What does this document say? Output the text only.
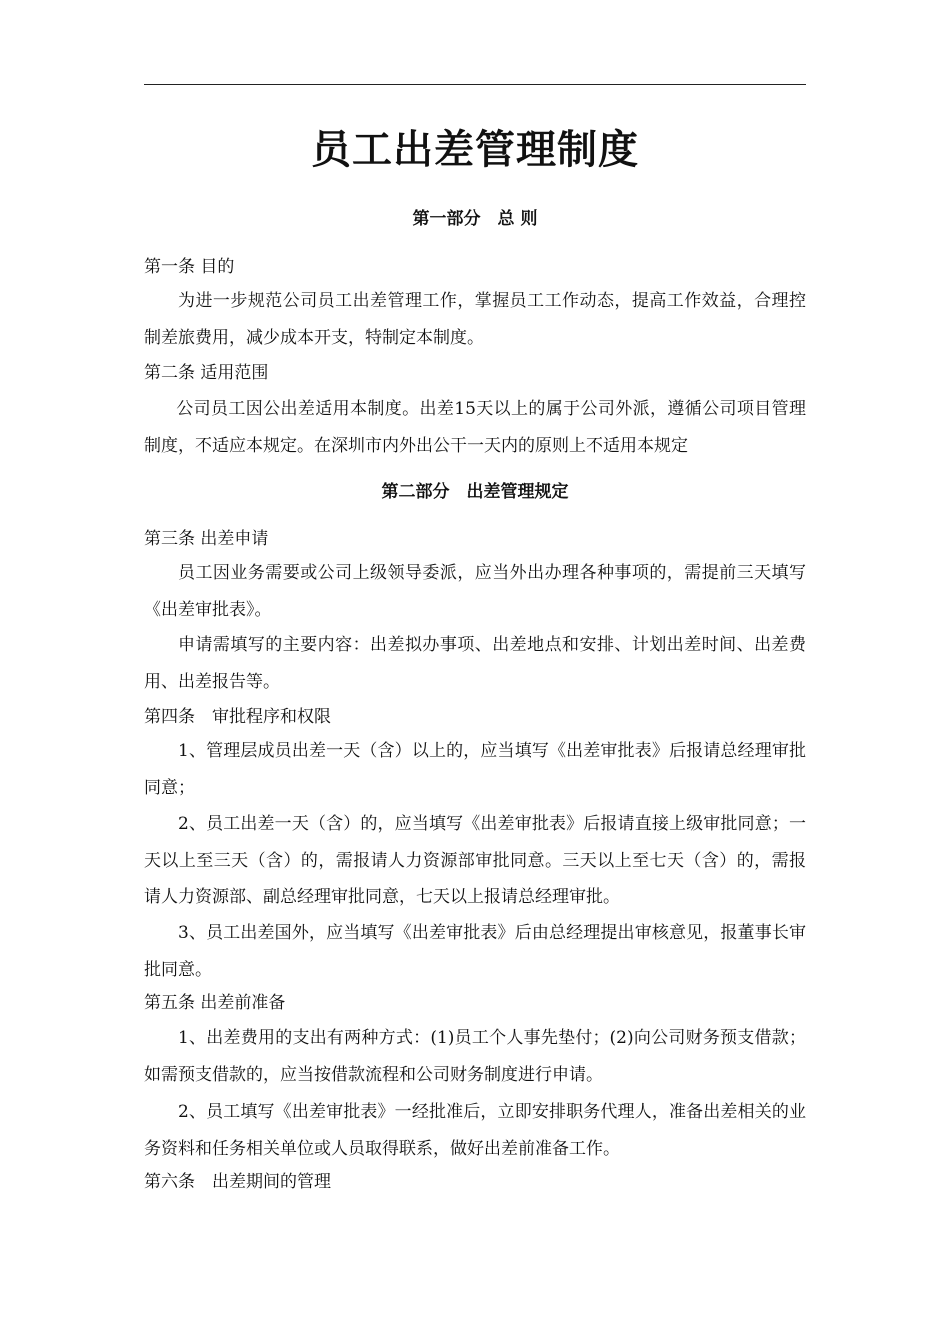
员工出差管理制度
第一部分　总 则
第一条 目的

为进一步规范公司员工出差管理工作，掌握员工工作动态，提高工作效益，合理控制差旅费用，减少成本开支，特制定本制度。

第二条 适用范围

公司员工因公出差适用本制度。出差15天以上的属于公司外派，遵循公司项目管理制度，不适应本规定。在深圳市内外出公干一天内的原则上不适用本规定

第二部分　出差管理规定
第三条 出差申请

员工因业务需要或公司上级领导委派，应当外出办理各种事项的，需提前三天填写《出差审批表》。

申请需填写的主要内容：出差拟办事项、出差地点和安排、计划出差时间、出差费用、出差报告等。

第四条　审批程序和权限

1、管理层成员出差一天（含）以上的，应当填写《出差审批表》后报请总经理审批同意；

2、员工出差一天（含）的，应当填写《出差审批表》后报请直接上级审批同意；一天以上至三天（含）的，需报请人力资源部审批同意。三天以上至七天（含）的，需报请人力资源部、副总经理审批同意，七天以上报请总经理审批。

3、员工出差国外，应当填写《出差审批表》后由总经理提出审核意见，报董事长审批同意。

第五条 出差前准备

1、出差费用的支出有两种方式：(1)员工个人事先垫付；(2)向公司财务预支借款；如需预支借款的，应当按借款流程和公司财务制度进行申请。

2、员工填写《出差审批表》一经批准后，立即安排职务代理人，准备出差相关的业务资料和任务相关单位或人员取得联系，做好出差前准备工作。

第六条　出差期间的管理
